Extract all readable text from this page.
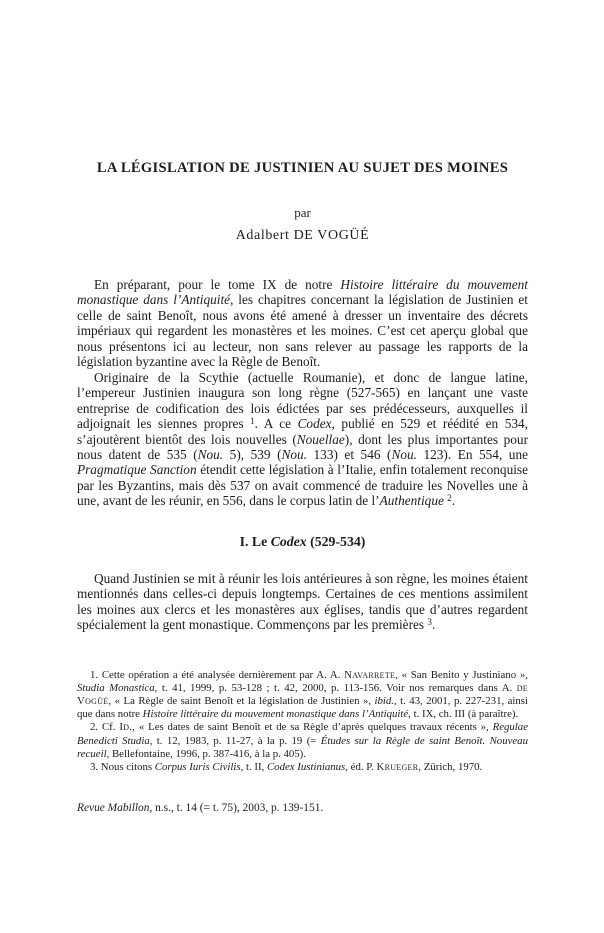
LA LÉGISLATION DE JUSTINIEN AU SUJET DES MOINES
par
Adalbert DE VOGÜÉ

En préparant, pour le tome IX de notre Histoire littéraire du mouvement monastique dans l’Antiquité, les chapitres concernant la législation de Justinien et celle de saint Benoît, nous avons été amené à dresser un inventaire des décrets impériaux qui regardent les monastères et les moines. C’est cet aperçu global que nous présentons ici au lecteur, non sans relever au passage les rapports de la législation byzantine avec la Règle de Benoît.

Originaire de la Scythie (actuelle Roumanie), et donc de langue latine, l’empereur Justinien inaugura son long règne (527-565) en lançant une vaste entreprise de codification des lois édictées par ses prédécesseurs, auxquelles il adjoignait les siennes propres $^1$. A ce Codex, publié en 529 et réédité en 534, s’ajoutèrent bientôt des lois nouvelles (Nouellae), dont les plus importantes pour nous datent de 535 (Nou. 5), 539 (Nou. 133) et 546 (Nou. 123). En 554, une Pragmatique Sanction étendit cette législation à l’Italie, enfin totalement reconquise par les Byzantins, mais dès 537 on avait commencé de traduire les Novelles une à une, avant de les réunir, en 556, dans le corpus latin de l’Authentique $^2$.

I. Le Codex (529-534)

Quand Justinien se mit à réunir les lois antérieures à son règne, les moines étaient mentionnés dans celles-ci depuis longtemps. Certaines de ces mentions assimilent les moines aux clercs et les monastères aux églises, tandis que d’autres regardent spécialement la gent monastique. Commençons par les premières $^3$.

1. Cette opération a été analysée dernièrement par A. A. Navarrete, « San Benito y Justiniano », Studia Monastica, t. 41, 1999, p. 53-128 ; t. 42, 2000, p. 113-156. Voir nos remarques dans A. de Vogüé, « La Règle de saint Benoît et la législation de Justinien », ibid., t. 43, 2001, p. 227-231, ainsi que dans notre Histoire littéraire du mouvement monastique dans l’Antiquité, t. IX, ch. III (à paraître).

2. Cf. Id., « Les dates de saint Benoît et de sa Règle d’après quelques travaux récents », Regulae Benedicti Studia, t. 12, 1983, p. 11-27, à la p. 19 (= Études sur la Règle de saint Benoît. Nouveau recueil, Bellefontaine, 1996, p. 387-416, à la p. 405).

3. Nous citons Corpus Iuris Civilis, t. II, Codex Iustinianus, éd. P. Krueger, Zürich, 1970.

Revue Mabillon, n.s., t. 14 (= t. 75), 2003, p. 139-151.
